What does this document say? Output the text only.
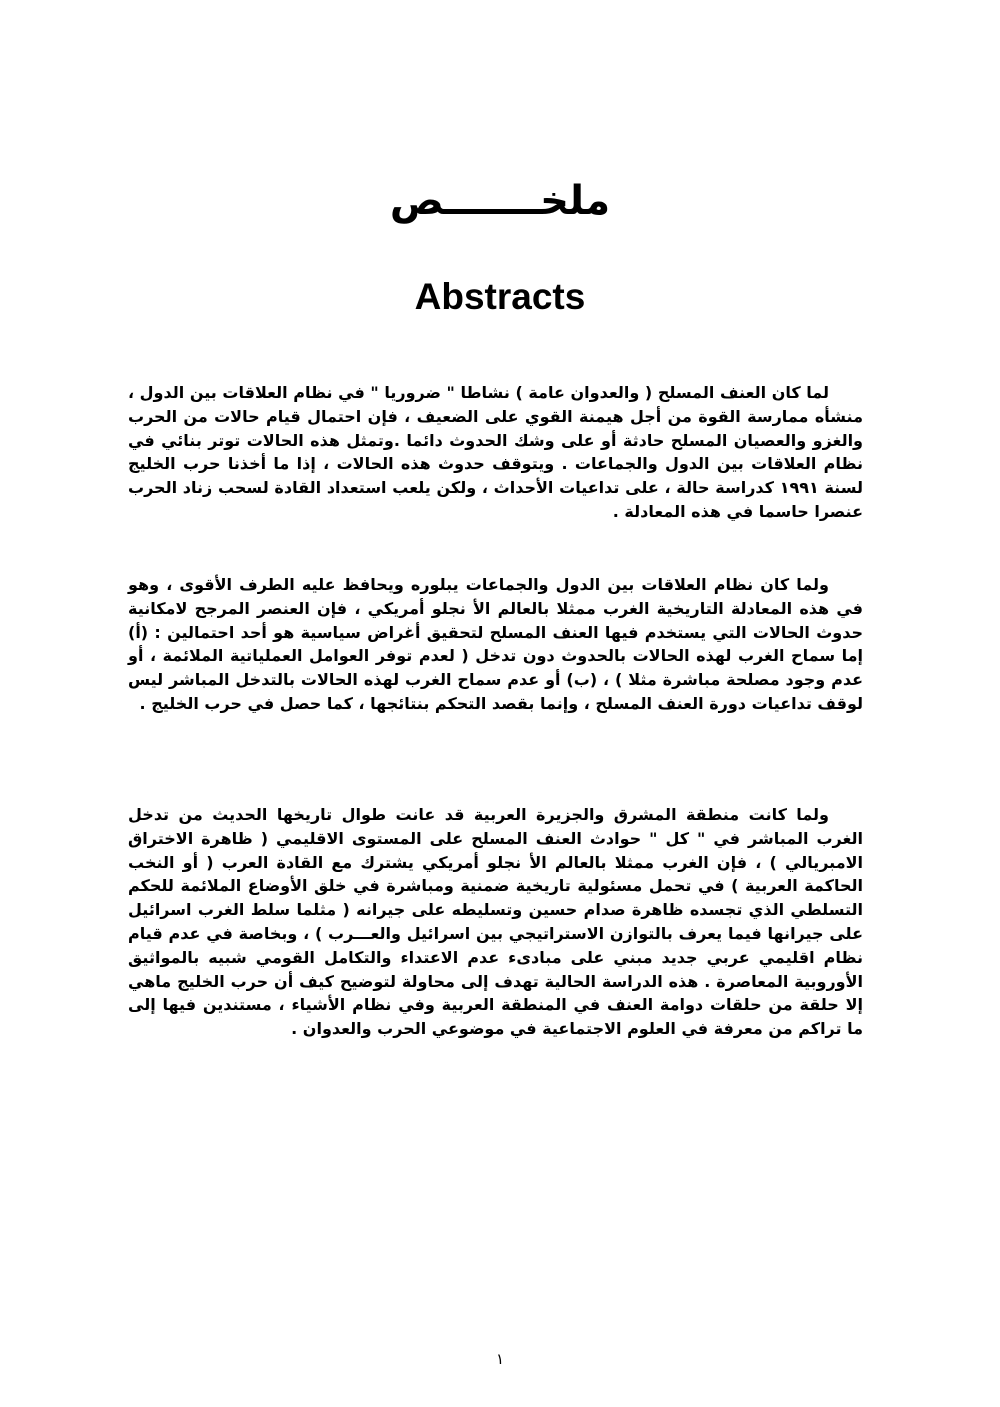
ملخـــــــص
Abstracts

لما كان العنف المسلح ( والعدوان عامة ) نشاطا " ضروريا " في نظام العلاقات بين الدول ، منشأه ممارسة القوة من أجل هيمنة القوي على الضعيف ، فإن احتمال قيام حالات من الحرب والغزو والعصيان المسلح حادثة أو على وشك الحدوث دائما .وتمثل هذه الحالات توتر بنائي في نظام العلاقات بين الدول والجماعات . ويتوقف حدوث هذه الحالات ، إذا ما أخذنا حرب الخليج لسنة ١٩٩١ كدراسة حالة ، على تداعيات الأحداث ، ولكن يلعب استعداد القادة لسحب زناد الحرب عنصرا حاسما في هذه المعادلة .

ولما كان نظام العلاقات بين الدول والجماعات يبلوره ويحافظ عليه الطرف الأقوى ، وهو في هذه المعادلة التاريخية الغرب ممثلا بالعالم الأ نجلو أمريكي ، فإن العنصر المرجح لامكانية حدوث الحالات التي يستخدم فيها العنف المسلح لتحقيق أغراض سياسية هو أحد احتمالين : (أ) إما سماح الغرب لهذه الحالات بالحدوث دون تدخل ( لعدم توفر العوامل العملياتية الملائمة ، أو عدم وجود مصلحة مباشرة مثلا ) ، (ب) أو عدم سماح الغرب لهذه الحالات بالتدخل المباشر ليس لوقف تداعيات دورة العنف المسلح ، وإنما بقصد التحكم بنتائجها ، كما حصل في حرب الخليج .

ولما كانت منطقة المشرق والجزيرة العربية قد عانت طوال تاريخها الحديث من تدخل الغرب المباشر في " كل " حوادث العنف المسلح على المستوى الاقليمي ( ظاهرة الاختراق الامبريالي ) ، فإن الغرب ممثلا بالعالم الأ نجلو أمريكي يشترك مع القادة العرب ( أو النخب الحاكمة العربية ) في تحمل مسئولية تاريخية ضمنية ومباشرة في خلق الأوضاع الملائمة للحكم التسلطي الذي تجسده ظاهرة صدام حسين وتسليطه على جيرانه ( مثلما سلط الغرب اسرائيل على جيرانها فيما يعرف بالتوازن الاستراتيجي بين اسرائيل والعـــرب ) ، وبخاصة في عدم قيام نظام اقليمي عربي جديد مبني على مبادىء عدم الاعتداء والتكامل القومي شبيه بالمواثيق الأوروبية المعاصرة . هذه الدراسة الحالية تهدف إلى محاولة لتوضيح كيف أن حرب الخليج ماهي إلا حلقة من حلقات دوامة العنف في المنطقة العربية وفي نظام الأشياء ، مستندين فيها إلى ما تراكم من معرفة في العلوم الاجتماعية في موضوعي الحرب والعدوان .

١
